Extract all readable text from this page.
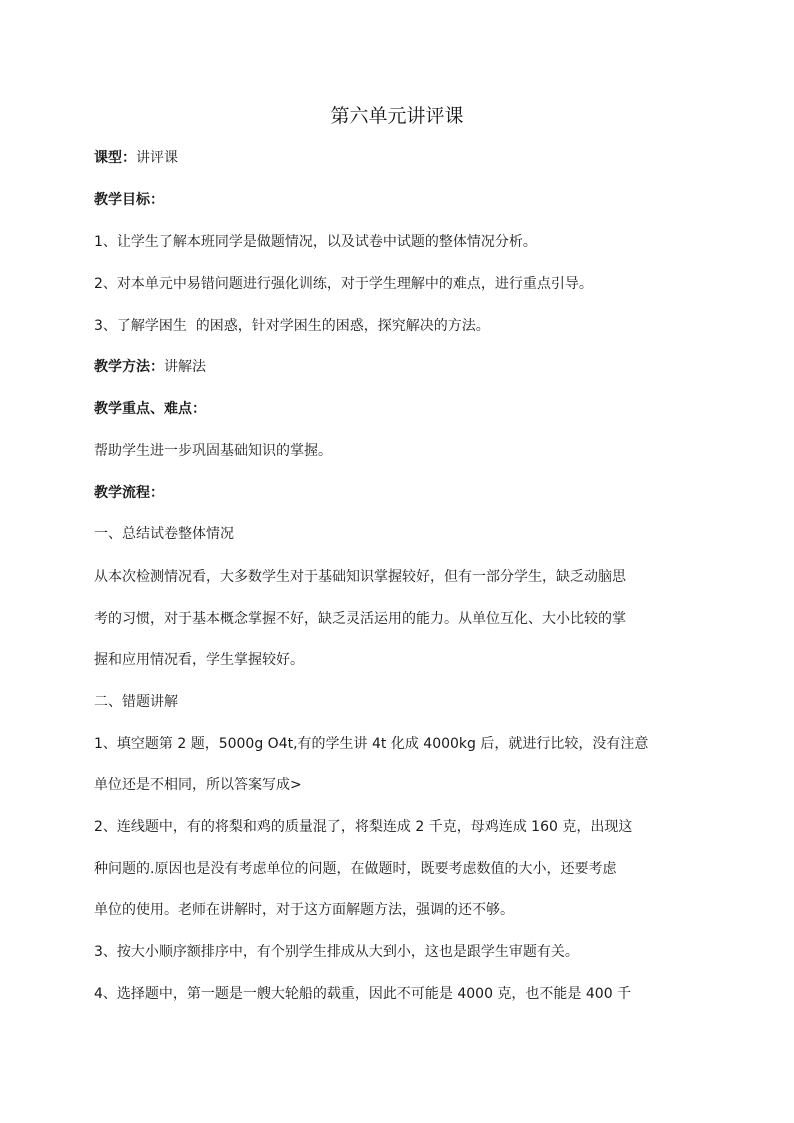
第六单元讲评课
课型：讲评课
教学目标：
1、让学生了解本班同学是做题情况，以及试卷中试题的整体情况分析。
2、对本单元中易错问题进行强化训练，对于学生理解中的难点，进行重点引导。
3、了解学困生  的困惑，针对学困生的困惑，探究解决的方法。
教学方法：讲解法
教学重点、难点：
帮助学生进一步巩固基础知识的掌握。
教学流程：
一、总结试卷整体情况
从本次检测情况看，大多数学生对于基础知识掌握较好，但有一部分学生，缺乏动脑思
考的习惯，对于基本概念掌握不好，缺乏灵活运用的能力。从单位互化、大小比较的掌
握和应用情况看，学生掌握较好。
二、错题讲解
1、填空题第 2 题，5000g O4t,有的学生讲 4t 化成 4000kg 后，就进行比较，没有注意
单位还是不相同，所以答案写成>
2、连线题中，有的将梨和鸡的质量混了，将梨连成 2 千克，母鸡连成 160 克，出现这
种问题的.原因也是没有考虑单位的问题，在做题时，既要考虑数值的大小，还要考虑
单位的使用。老师在讲解时，对于这方面解题方法，强调的还不够。
3、按大小顺序额排序中，有个别学生排成从大到小，这也是跟学生审题有关。
4、选择题中，第一题是一艘大轮船的载重，因此不可能是 4000 克，也不能是 400 千
